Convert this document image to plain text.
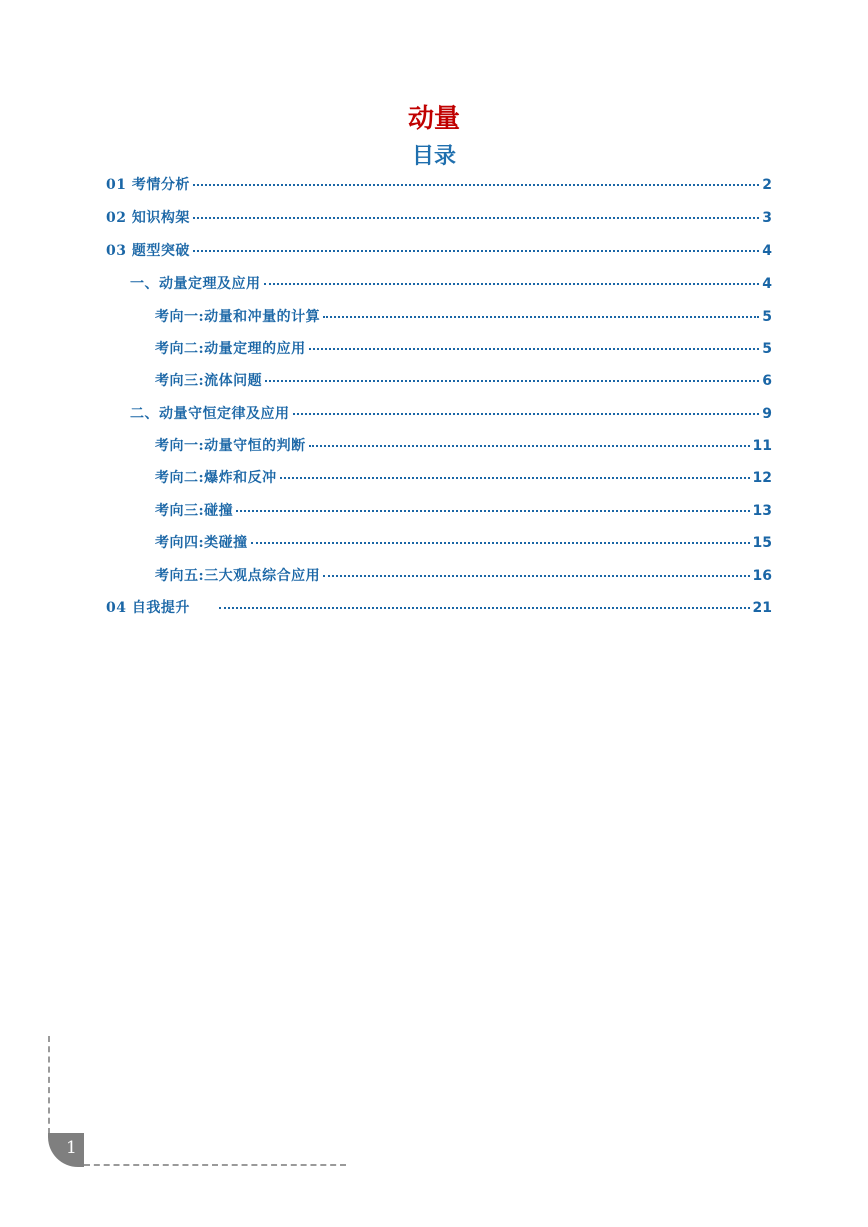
动量
目录
01 考情分析	2
02 知识构架	3
03 题型突破	4
一、动量定理及应用	4
考向一:动量和冲量的计算	5
考向二:动量定理的应用	5
考向三:流体问题	6
二、动量守恒定律及应用	9
考向一:动量守恒的判断	11
考向二:爆炸和反冲	12
考向三:碰撞	13
考向四:类碰撞	15
考向五:三大观点综合应用	16
04 自我提升	21
1
